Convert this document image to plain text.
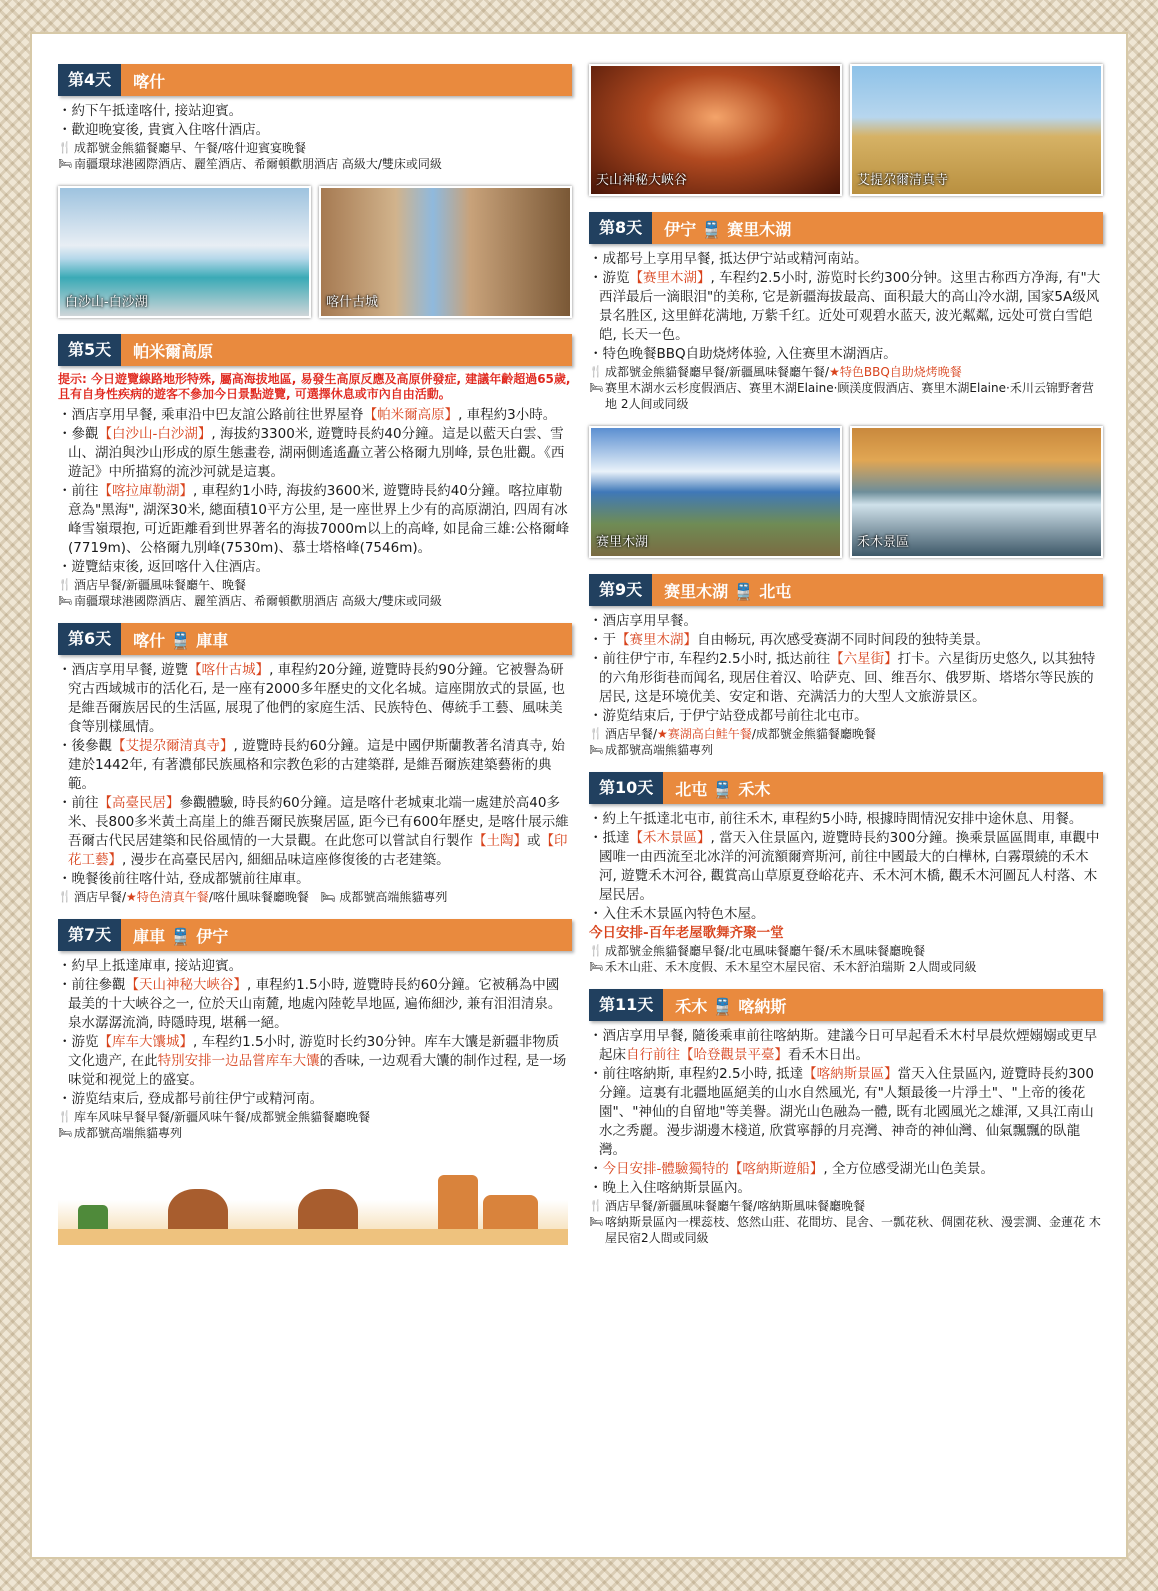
第4天	喀什
・ 約下午抵達喀什, 接站迎賓。
・ 歡迎晚宴後, 貴賓入住喀什酒店。
🍴 成都號金熊貓餐廳早、午餐/喀什迎賓宴晚餐
🛏 南疆環球港國際酒店、麗笙酒店、希爾頓歡朋酒店 高級大/雙床或同級
白沙山-白沙湖	喀什古城
第5天	帕米爾高原
提示: 今日遊覽線路地形特殊, 屬高海拔地區, 易發生高原反應及高原併發症, 建議年齡超過65歲, 且有自身性疾病的遊客不參加今日景點遊覽, 可選擇休息或市內自由活動。
・ 酒店享用早餐, 乘車沿中巴友誼公路前往世界屋脊【帕米爾高原】, 車程約3小時。
・ 參觀【白沙山-白沙湖】, 海拔約3300米, 遊覽時長約40分鐘。這是以藍天白雲、雪山、湖泊與沙山形成的原生態畫卷, 湖兩側遙遙矗立著公格爾九別峰, 景色壯觀。《西遊記》中所描寫的流沙河就是這裏。
・ 前往【喀拉庫勒湖】, 車程約1小時, 海拔約3600米, 遊覽時長約40分鐘。喀拉庫勒意為"黑海", 湖深30米, 總面積10平方公里, 是一座世界上少有的高原湖泊, 四周有冰峰雪嶺環抱, 可近距離看到世界著名的海拔7000m以上的高峰, 如昆侖三雄:公格爾峰(7719m)、公格爾九別峰(7530m)、慕士塔格峰(7546m)。
・ 遊覽結束後, 返回喀什入住酒店。
🍴 酒店早餐/新疆風味餐廳午、晚餐
🛏 南疆環球港國際酒店、麗笙酒店、希爾頓歡朋酒店 高級大/雙床或同級
第6天	喀什 🚆 庫車
・ 酒店享用早餐, 遊覽【喀什古城】, 車程約20分鐘, 遊覽時長約90分鐘。它被譽為研究古西域城市的活化石, 是一座有2000多年歷史的文化名城。這座開放式的景區, 也是維吾爾族居民的生活區, 展現了他們的家庭生活、民族特色、傳統手工藝、風味美食等別樣風情。
・ 後參觀【艾提尕爾清真寺】, 遊覽時長約60分鐘。這是中國伊斯蘭教著名清真寺, 始建於1442年, 有著濃郁民族風格和宗教色彩的古建築群, 是維吾爾族建築藝術的典範。
・ 前往【高臺民居】參觀體驗, 時長約60分鐘。這是喀什老城東北端一處建於高40多米、長800多米黃土高崖上的維吾爾民族聚居區, 距今已有600年歷史, 是喀什展示維吾爾古代民居建築和民俗風情的一大景觀。在此您可以嘗試自行製作【土陶】或【印花工藝】, 漫步在高臺民居內, 細細品味這座修復後的古老建築。
・ 晚餐後前往喀什站, 登成都號前往庫車。
🍴 酒店早餐/★特色清真午餐/喀什風味餐廳晚餐   🛏 成都號高端熊貓專列
第7天	庫車 🚆 伊宁
・ 約早上抵達庫車, 接站迎賓。
・ 前往參觀【天山神秘大峽谷】, 車程約1.5小時, 遊覽時長約60分鐘。它被稱為中國最美的十大峽谷之一, 位於天山南麓, 地處內陸乾旱地區, 遍佈細沙, 兼有泪泪清泉。泉水潺潺流淌, 時隱時現, 堪稱一絕。
・ 游览【库车大馕城】, 车程约1.5小时, 游览时长约30分钟。库车大馕是新疆非物质文化遗产, 在此特別安排一边品嘗库车大馕的香味, 一边观看大馕的制作过程, 是一场味觉和视觉上的盛宴。
・ 游览结束后, 登成都号前往伊宁或精河南。
🍴 库车风味早餐早餐/新疆风味午餐/成都號金熊貓餐廳晚餐
🛏 成都號高端熊貓專列
天山神秘大峽谷	艾提尕爾清真寺
第8天	伊宁 🚆 赛里木湖
・ 成都号上享用早餐, 抵达伊宁站或精河南站。
・ 游览【赛里木湖】, 车程约2.5小时, 游览时长约300分钟。这里古称西方净海, 有"大西洋最后一滴眼泪"的美称, 它是新疆海拔最高、面积最大的高山冷水湖, 国家5A级风景名胜区, 这里鲜花满地, 万紫千红。近处可观碧水蓝天, 波光粼粼, 远处可赏白雪皑皑, 长天一色。
・ 特色晚餐BBQ自助烧烤体验, 入住赛里木湖酒店。
🍴 成都號金熊貓餐廳早餐/新疆風味餐廳午餐/★特色BBQ自助烧烤晚餐
🛏 赛里木湖水云杉度假酒店、赛里木湖Elaine·顾渼度假酒店、赛里木湖Elaine·禾川云锦野奢营地 2人间或同级
赛里木湖	禾木景區
第9天	赛里木湖 🚆 北屯
・ 酒店享用早餐。
・ 于【赛里木湖】自由畅玩, 再次感受赛湖不同时间段的独特美景。
・ 前往伊宁市, 车程约2.5小时, 抵达前往【六星街】打卡。六星街历史悠久, 以其独特的六角形街巷而闻名, 现居住着汉、哈萨克、回、维吾尔、俄罗斯、塔塔尔等民族的居民, 这是环境优美、安定和谐、充满活力的大型人文旅游景区。
・ 游览结束后, 于伊宁站登成都号前往北屯市。
🍴 酒店早餐/★赛湖高白鲑午餐/成都號金熊貓餐廳晚餐
🛏 成都號高端熊貓專列
第10天	北屯 🚆 禾木
・ 約上午抵達北屯市, 前往禾木, 車程約5小時, 根據時間情況安排中途休息、用餐。
・ 抵達【禾木景區】, 當天入住景區內, 遊覽時長約300分鐘。換乘景區區間車, 車觀中國唯一由西流至北冰洋的河流額爾齊斯河, 前往中國最大的白樺林, 白霧環繞的禾木河, 遊覽禾木河谷, 觀賞高山草原夏登峪花卉、禾木河木橋, 觀禾木河圖瓦人村落、木屋民居。
・ 入住禾木景區內特色木屋。
今日安排-百年老屋歌舞齐聚一堂
🍴 成都號金熊貓餐廳早餐/北屯風味餐廳午餐/禾木風味餐廳晚餐
🛏 禾木山莊、禾木度假、禾木星空木屋民宿、禾木舒泊瑞斯 2人間或同級
第11天	禾木 🚆 喀納斯
・ 酒店享用早餐, 隨後乘車前往喀納斯。建議今日可早起看禾木村早晨炊煙嫋嫋或更早起床自行前往【哈登觀景平臺】看禾木日出。
・ 前往喀納斯, 車程約2.5小時, 抵達【喀納斯景區】當天入住景區內, 遊覽時長約300分鐘。這裏有北疆地區絕美的山水自然風光, 有"人類最後一片淨土"、"上帝的後花園"、"神仙的自留地"等美譽。湖光山色融為一體, 既有北國風光之雄渾, 又具江南山水之秀麗。漫步湖邊木棧道, 欣賞寧靜的月亮灣、神奇的神仙灣、仙氣飄飄的臥龍灣。
・ 今日安排-體驗獨特的【喀納斯遊船】, 全方位感受湖光山色美景。
・ 晚上入住喀納斯景區內。
🍴 酒店早餐/新疆風味餐廳午餐/喀納斯風味餐廳晚餐
🛏 喀納斯景區內一棵蕊枝、悠然山莊、花間坊、昆舍、一瓢花秋、倜園花秋、漫雲澗、金蓮花 木屋民宿2人間或同級
